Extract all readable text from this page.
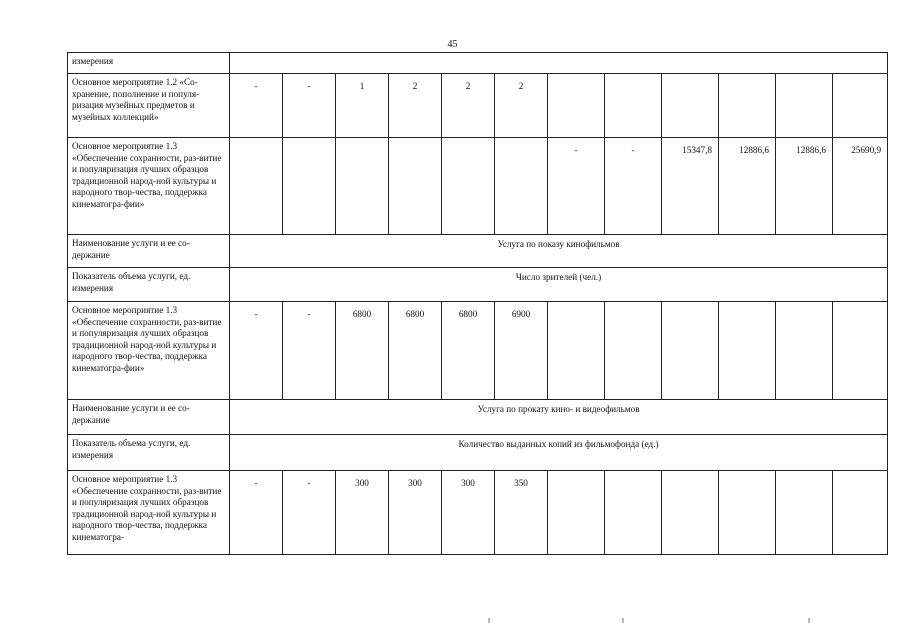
45
измерения												
Основное мероприятие 1.2 «Со-хранение, пополнение и популя-ризация музейных предметов и музейных коллекций»	-	-	1	2	2	2						
Основное мероприятие 1.3 «Обеспечение сохранности, раз-витие и популяризация лучших образцов традиционной народ-ной культуры и народного твор-чества, поддержка кинематогра-фии»							-	-	15347,8	12886,6	12886,6	25690,9
Наименование услуги и ее со-держание	Услуга по показу кинофильмов											
Показатель объема услуги, ед. измерения	Число зрителей (чел.)											
Основное мероприятие 1.3 «Обеспечение сохранности, раз-витие и популяризация лучших образцов традиционной народ-ной культуры и народного твор-чества, поддержка кинематогра-фии»	-	-	6800	6800	6800	6900						
Наименование услуги и ее со-держание	Услуга по прокату кино- и видеофильмов											
Показатель объема услуги, ед. измерения	Количество выданных копий из фильмофонда (ед.)											
Основное мероприятие 1.3 «Обеспечение сохранности, раз-витие и популяризация лучших образцов традиционной народ-ной культуры и народного твор-чества, поддержка кинематогра-	-	-	300	300	300	350						
